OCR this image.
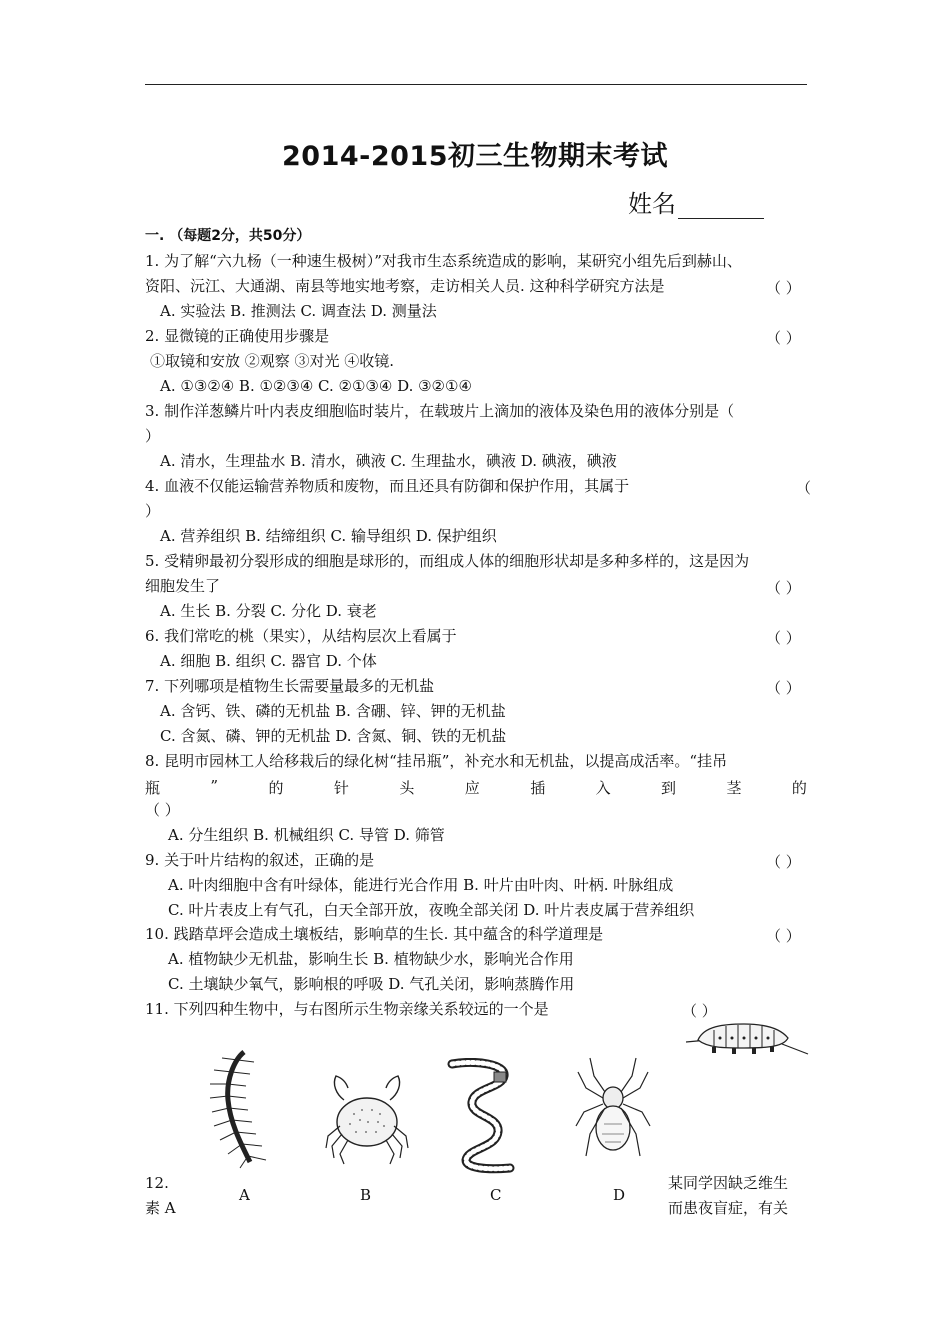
2014-2015初三生物期末考试
姓名
一. （每题2分，共50分）
1. 为了解“六九杨（一种速生极树）”对我市生态系统造成的影响，某研究小组先后到赫山、
资阳、沅江、大通湖、南县等地实地考察，走访相关人员. 这种科学研究方法是	（ ）
A. 实验法 B. 推测法 C. 调查法 D. 测量法
2. 显微镜的正确使用步骤是	（ ）
①取镜和安放 ②观察 ③对光 ④收镜.
A. ①③②④ B. ①②③④ C. ②①③④ D. ③②①④
3. 制作洋葱鳞片叶内表皮细胞临时装片，在载玻片上滴加的液体及染色用的液体分别是（
）
A. 清水，生理盐水 B. 清水，碘液 C. 生理盐水，碘液 D. 碘液，碘液
4. 血液不仅能运输营养物质和废物，而且还具有防御和保护作用，其属于	（
）
A. 营养组织 B. 结缔组织 C. 输导组织 D. 保护组织
5. 受精卵最初分裂形成的细胞是球形的，而组成人体的细胞形状却是多种多样的，这是因为
细胞发生了	（ ）
A. 生长 B. 分裂 C. 分化 D. 衰老
6. 我们常吃的桃（果实），从结构层次上看属于	（ ）
A. 细胞 B. 组织 C. 器官 D. 个体
7. 下列哪项是植物生长需要量最多的无机盐	（ ）
A. 含钙、铁、磷的无机盐 B. 含硼、锌、钾的无机盐
C. 含氮、磷、钾的无机盐 D. 含氮、铜、铁的无机盐
8. 昆明市园林工人给移栽后的绿化树“挂吊瓶”，补充水和无机盐，以提高成活率。“挂吊
瓶	”	的	针	头	应	插	入	到	茎	的
（ ）
A. 分生组织 B. 机械组织 C. 导管 D. 筛管
9. 关于叶片结构的叙述，正确的是	（ ）
A. 叶肉细胞中含有叶绿体，能进行光合作用 B. 叶片由叶肉、叶柄. 叶脉组成
C. 叶片表皮上有气孔，白天全部开放，夜晚全部关闭 D. 叶片表皮属于营养组织
10. 践踏草坪会造成土壤板结，影响草的生长. 其中蕴含的科学道理是	（ ）
A. 植物缺少无机盐，影响生长 B. 植物缺少水，影响光合作用
C. 土壤缺少氧气，影响根的呼吸 D. 气孔关闭，影响蒸腾作用
11. 下列四种生物中，与右图所示生物亲缘关系较远的一个是	（ ）
A	B	C	D
12.
素 A
某同学因缺乏维生
而患夜盲症，有关
